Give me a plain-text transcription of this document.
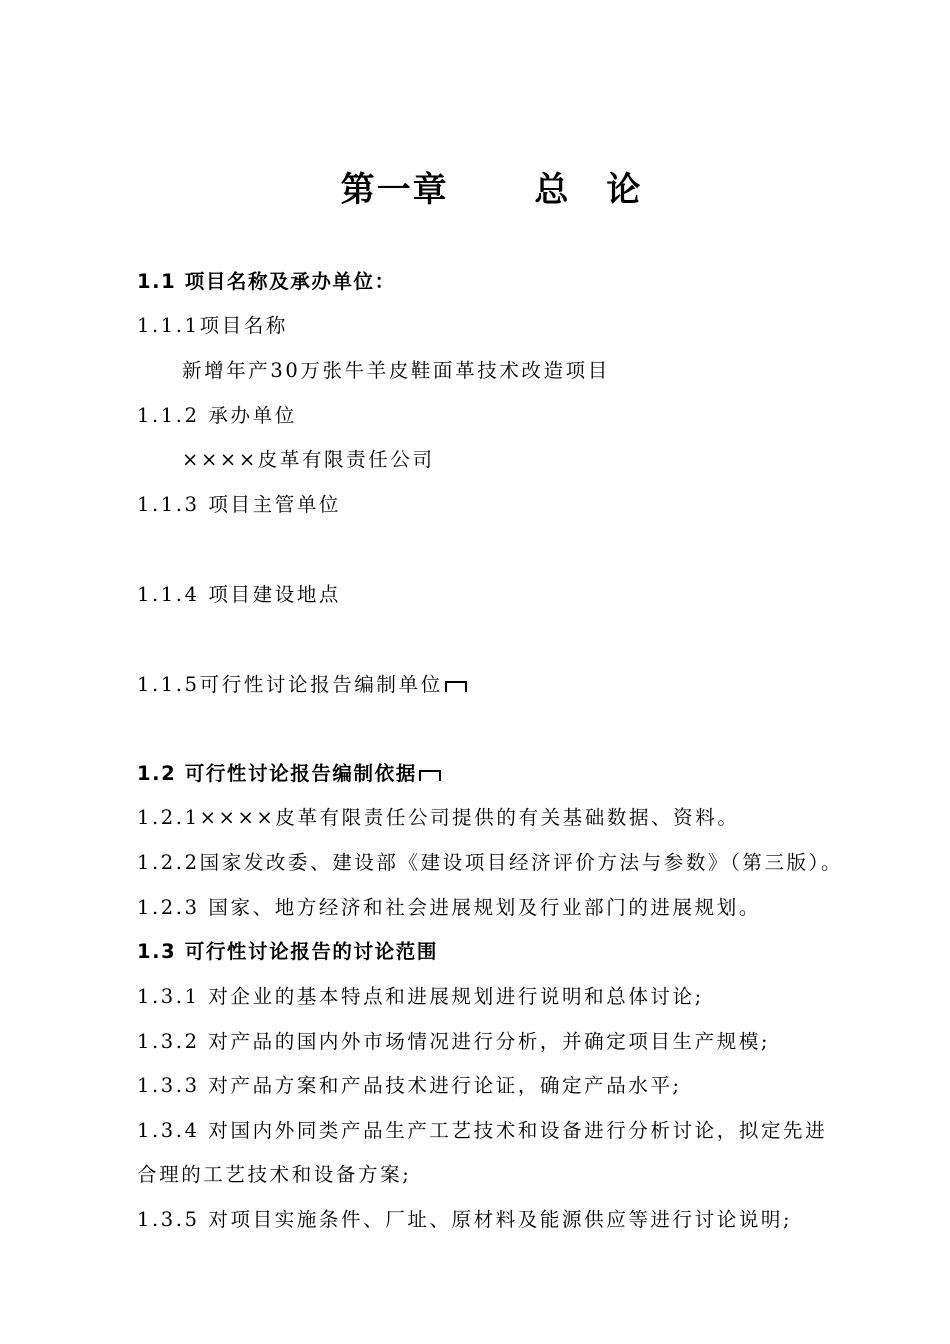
第一章　　 总　论
1.1 项目名称及承办单位：
1.1.1项目名称
新增年产30万张牛羊皮鞋面革技术改造项目
1.1.2 承办单位
××××皮革有限责任公司
1.1.3 项目主管单位
1.1.4 项目建设地点
1.1.5可行性讨论报告编制单位
1.2 可行性讨论报告编制依据
1.2.1××××皮革有限责任公司提供的有关基础数据、资料。
1.2.2国家发改委、建设部《建设项目经济评价方法与参数》（第三版）。
1.2.3 国家、地方经济和社会进展规划及行业部门的进展规划。
1.3 可行性讨论报告的讨论范围
1.3.1 对企业的基本特点和进展规划进行说明和总体讨论;
1.3.2 对产品的国内外市场情况进行分析，并确定项目生产规模;
1.3.3 对产品方案和产品技术进行论证，确定产品水平;
1.3.4 对国内外同类产品生产工艺技术和设备进行分析讨论，拟定先进
合理的工艺技术和设备方案;
1.3.5 对项目实施条件、厂址、原材料及能源供应等进行讨论说明;
